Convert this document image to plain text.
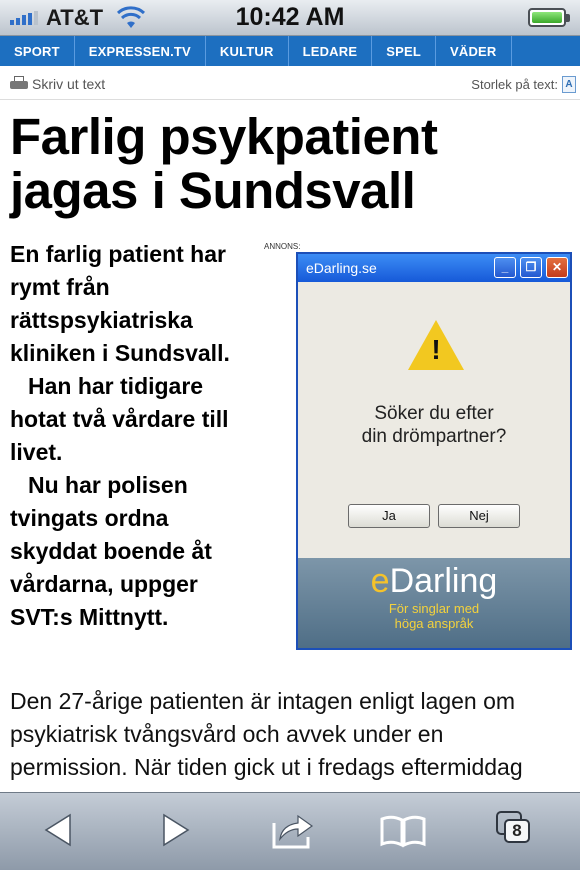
AT&T	10:42 AM
SPORT EXPRESSEN.TV KULTUR LEDARE SPEL VÄDER
Skriv ut text	Storlek på text: A
Farlig psykpatient jagas i Sundsvall

En farlig patient har rymt från rättspsykiatriska kliniken i Sundsvall.

Han har tidigare hotat två vårdare till livet.

Nu har polisen tvingats ordna skyddat boende åt vårdarna, uppger SVT:s Mittnytt.

ANNONS:
eDarling.se	_	❐	✕
!
Söker du efter
din drömpartner?
Ja	Nej
eDarling
För singlar med
höga anspråk
Den 27-årige patienten är intagen enligt lagen om
psykiatrisk tvångsvård och avvek under en
permission. När tiden gick ut i fredags eftermiddag
8
